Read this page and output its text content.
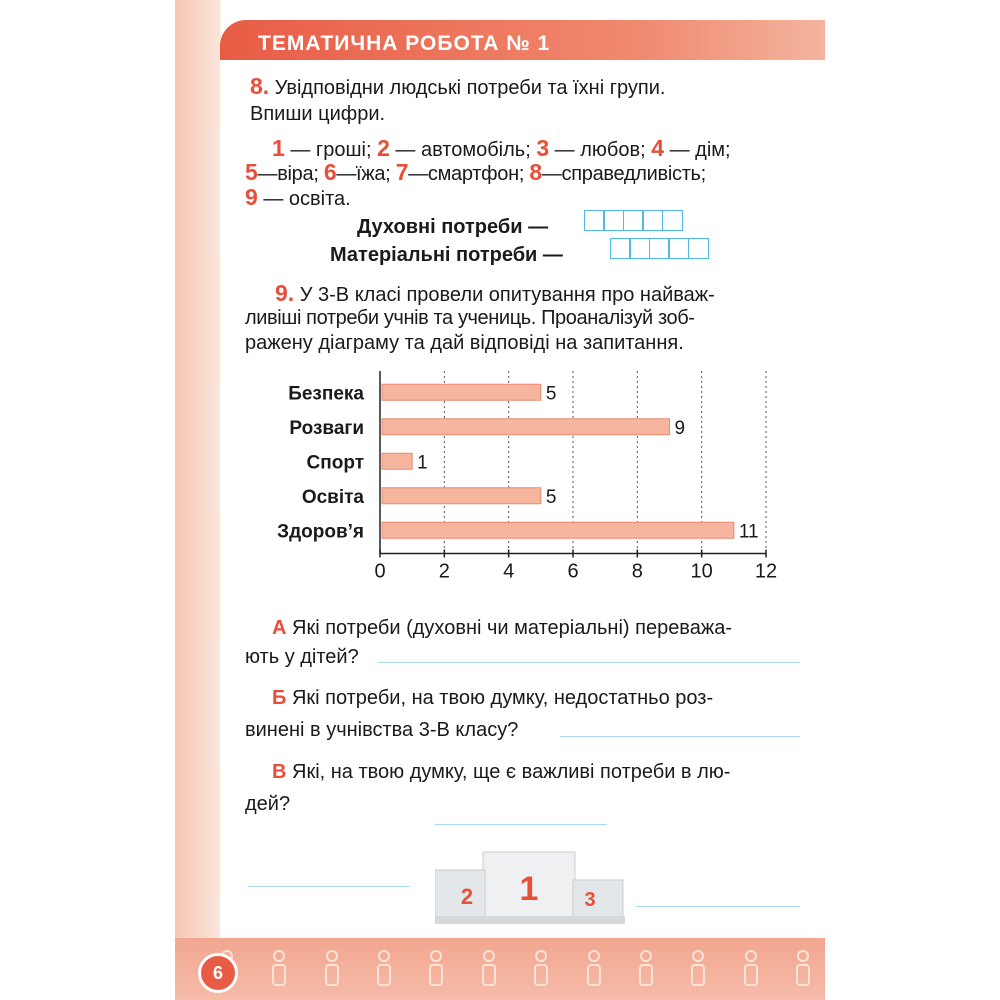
ТЕМАТИЧНА РОБОТА № 1
8. Увідповідни людські потреби та їхні групи.
Впиши цифри.
1 — гроші; 2 — автомобіль; 3 — любов; 4 — дім;
5—віра; 6—їжа; 7—смартфон; 8—справедливість;
9 — освіта.
Духовні потреби —
Матеріальні потреби —
9. У 3-В класі провели опитування про найваж-
ливіші потреби учнів та учениць. Проаналізуй зоб-
ражену діаграму та дай відповіді на запитання.
0	2	4	6	8 10 12
Безпека	5
Розваги	9
Спорт	1
Освіта	5
Здоров’я	11
А Які потреби (духовні чи матеріальні) переважа-
ють у дітей?
Б Які потреби, на твою думку, недостатньо роз-
винені в учнівства 3-В класу?
В Які, на твою думку, ще є важливі потреби в лю-
дей?
1
2	3
6
